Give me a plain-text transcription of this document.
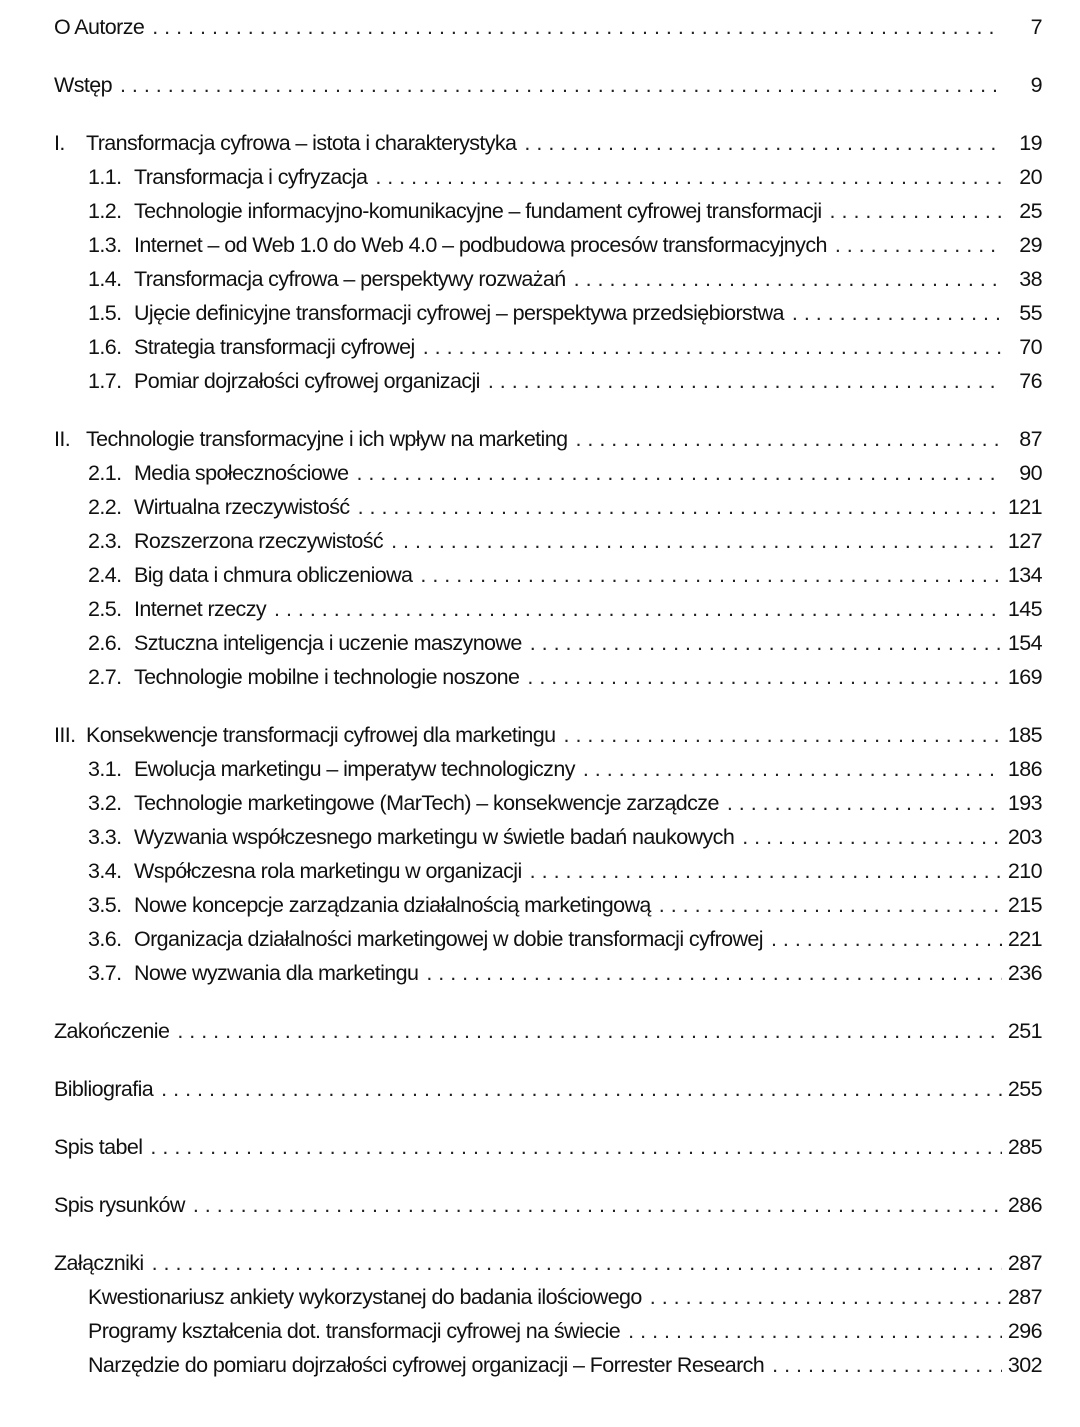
O Autorze . . .	7
Wstęp . . .	9
I. Transformacja cyfrowa – istota i charakterystyka . . .	19
1.1. Transformacja i cyfryzacja . . .	20
1.2. Technologie informacyjno-komunikacyjne – fundament cyfrowej transformacji . . .	25
1.3. Internet – od Web 1.0 do Web 4.0 – podbudowa procesów transformacyjnych . . .	29
1.4. Transformacja cyfrowa – perspektywy rozważań . . .	38
1.5. Ujęcie definicyjne transformacji cyfrowej – perspektywa przedsiębiorstwa . . .	55
1.6. Strategia transformacji cyfrowej . . .	70
1.7. Pomiar dojrzałości cyfrowej organizacji . . .	76
II. Technologie transformacyjne i ich wpływ na marketing . . .	87
2.1. Media społecznościowe . . .	90
2.2. Wirtualna rzeczywistość . . .	121
2.3. Rozszerzona rzeczywistość . . .	127
2.4. Big data i chmura obliczeniowa . . .	134
2.5. Internet rzeczy . . .	145
2.6. Sztuczna inteligencja i uczenie maszynowe . . .	154
2.7. Technologie mobilne i technologie noszone . . .	169
III. Konsekwencje transformacji cyfrowej dla marketingu . . .	185
3.1. Ewolucja marketingu – imperatyw technologiczny . . .	186
3.2. Technologie marketingowe (MarTech) – konsekwencje zarządcze . . .	193
3.3. Wyzwania współczesnego marketingu w świetle badań naukowych . . .	203
3.4. Współczesna rola marketingu w organizacji . . .	210
3.5. Nowe koncepcje zarządzania działalnością marketingową . . .	215
3.6. Organizacja działalności marketingowej w dobie transformacji cyfrowej . . .	221
3.7. Nowe wyzwania dla marketingu . . .	236
Zakończenie . . .	251
Bibliografia . . .	255
Spis tabel . . .	285
Spis rysunków . . .	286
Załączniki . . .	287
Kwestionariusz ankiety wykorzystanej do badania ilościowego . . .	287
Programy kształcenia dot. transformacji cyfrowej na świecie . . .	296
Narzędzie do pomiaru dojrzałości cyfrowej organizacji – Forrester Research . . .	302
